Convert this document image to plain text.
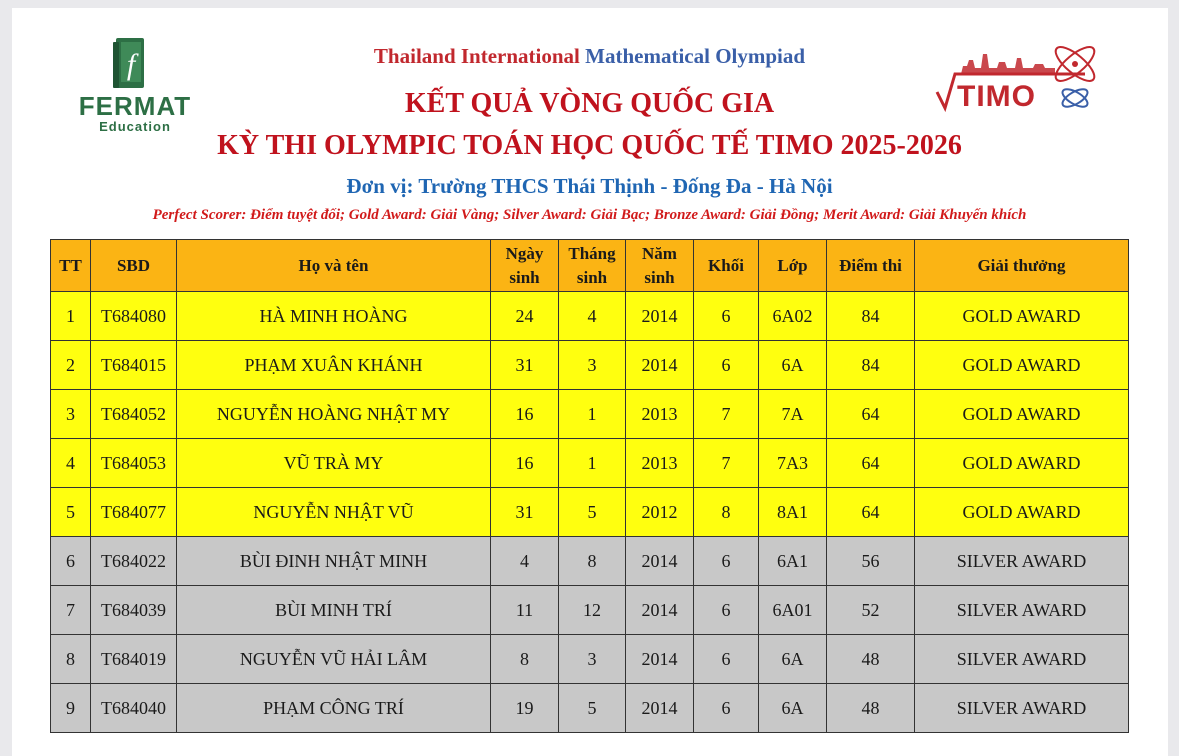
f
FERMAT
Education
TIMO
Thailand International Mathematical Olympiad
KẾT QUẢ VÒNG QUỐC GIA
KỲ THI OLYMPIC TOÁN HỌC QUỐC TẾ TIMO 2025-2026
Đơn vị: Trường THCS Thái Thịnh - Đống Đa - Hà Nội
Perfect Scorer: Điểm tuyệt đối; Gold Award: Giải Vàng; Silver Award: Giải Bạc; Bronze Award: Giải Đồng; Merit Award: Giải Khuyến khích
TT	SBD	Họ và tên	Ngày sinh	Tháng sinh	Năm sinh	Khối	Lớp	Điểm thi	Giải thưởng
1	T684080	HÀ MINH HOÀNG	24	4	2014	6	6A02	84	GOLD AWARD
2	T684015	PHẠM XUÂN KHÁNH	31	3	2014	6	6A	84	GOLD AWARD
3	T684052	NGUYỄN HOÀNG NHẬT MY	16	1	2013	7	7A	64	GOLD AWARD
4	T684053	VŨ TRÀ MY	16	1	2013	7	7A3	64	GOLD AWARD
5	T684077	NGUYỄN NHẬT VŨ	31	5	2012	8	8A1	64	GOLD AWARD
6	T684022	BÙI ĐINH NHẬT MINH	4	8	2014	6	6A1	56	SILVER AWARD
7	T684039	BÙI MINH TRÍ	11	12	2014	6	6A01	52	SILVER AWARD
8	T684019	NGUYỄN VŨ HẢI LÂM	8	3	2014	6	6A	48	SILVER AWARD
9	T684040	PHẠM CÔNG TRÍ	19	5	2014	6	6A	48	SILVER AWARD
